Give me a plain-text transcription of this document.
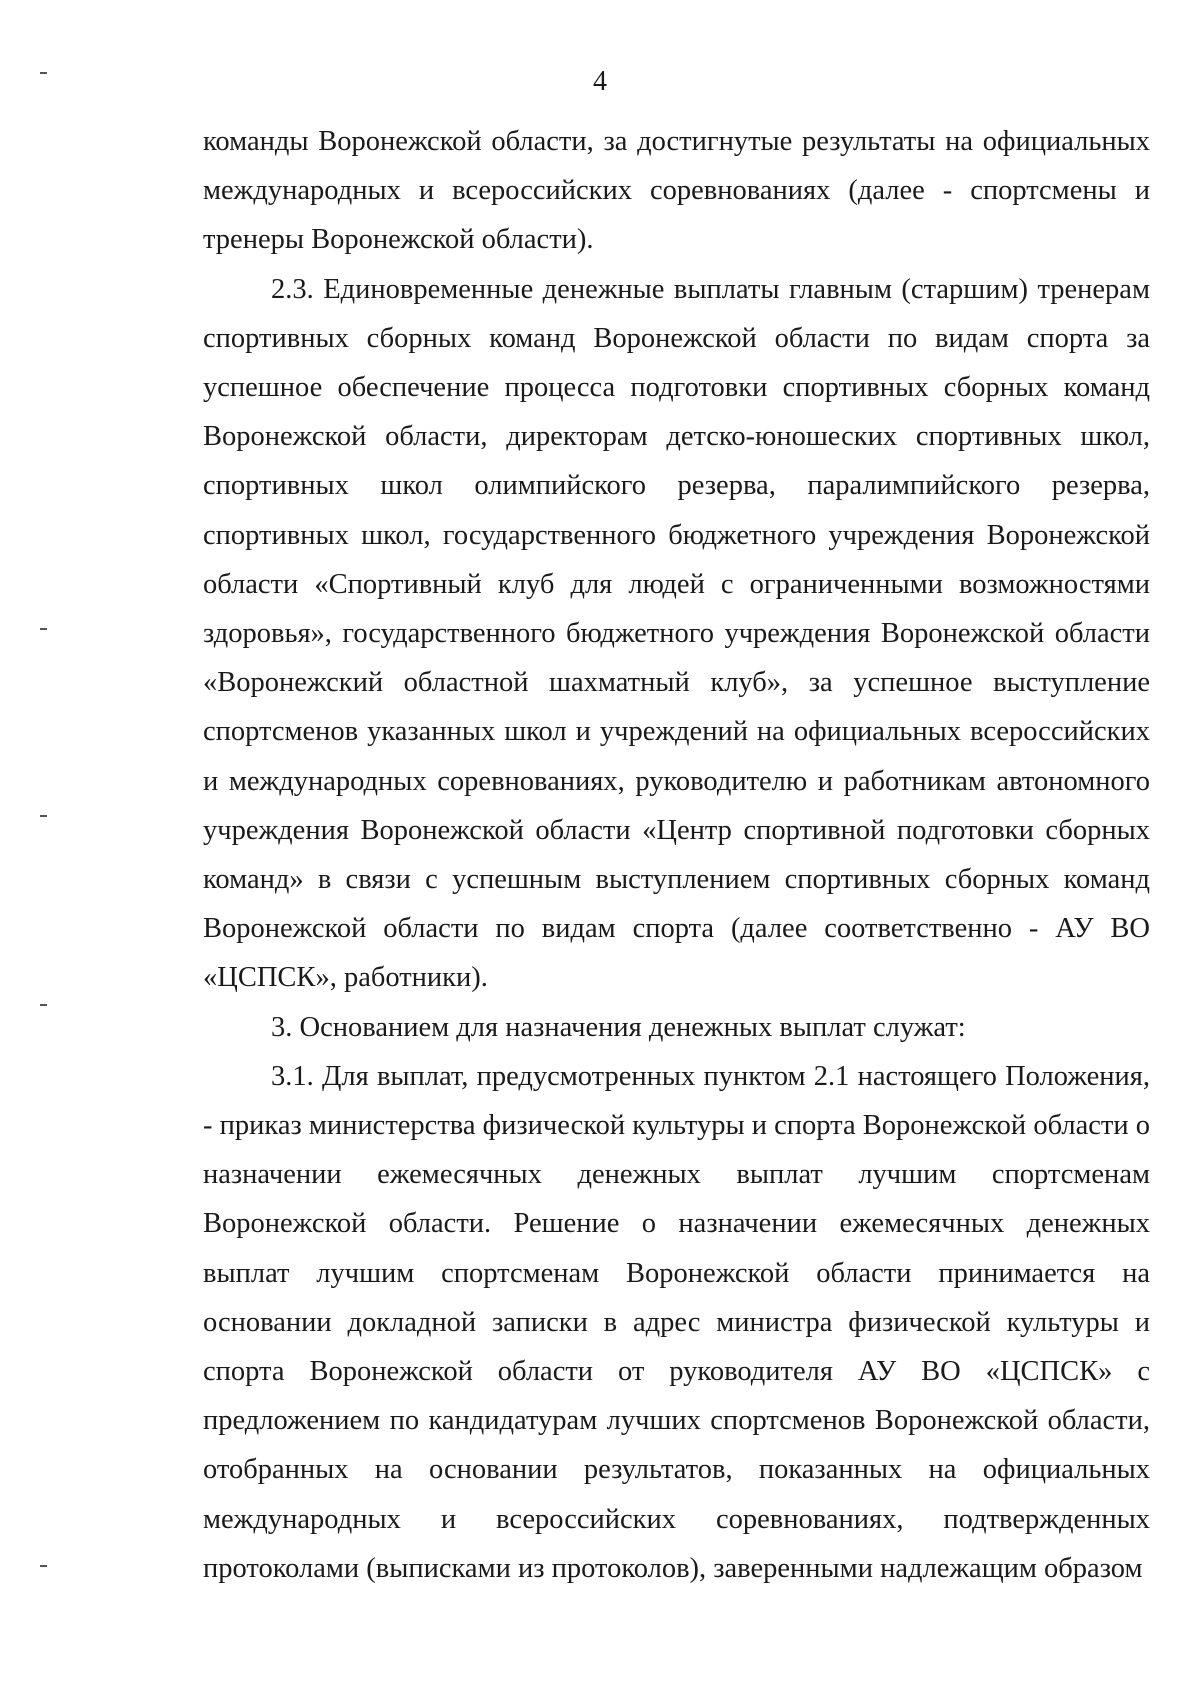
4

команды Воронежской области, за достигнутые результаты на официальных международных и всероссийских соревнованиях (далее - спортсмены и тренеры Воронежской области).

2.3. Единовременные денежные выплаты главным (старшим) тренерам спортивных сборных команд Воронежской области по видам спорта за успешное обеспечение процесса подготовки спортивных сборных команд Воронежской области, директорам детско-юношеских спортивных школ, спортивных школ олимпийского резерва, паралимпийского резерва, спортивных школ, государственного бюджетного учреждения Воронежской области «Спортивный клуб для людей с ограниченными возможностями здоровья», государственного бюджетного учреждения Воронежской области «Воронежский областной шахматный клуб», за успешное выступление спортсменов указанных школ и учреждений на официальных всероссийских и международных соревнованиях, руководителю и работникам автономного учреждения Воронежской области «Центр спортивной подготовки сборных команд» в связи с успешным выступлением спортивных сборных команд Воронежской области по видам спорта (далее соответственно - АУ ВО «ЦСПСК», работники).

3. Основанием для назначения денежных выплат служат:

3.1. Для выплат, предусмотренных пунктом 2.1 настоящего Положения, - приказ министерства физической культуры и спорта Воронежской области о назначении ежемесячных денежных выплат лучшим спортсменам Воронежской области. Решение о назначении ежемесячных денежных выплат лучшим спортсменам Воронежской области принимается на основании докладной записки в адрес министра физической культуры и спорта Воронежской области от руководителя АУ ВО «ЦСПСК» с предложением по кандидатурам лучших спортсменов Воронежской области, отобранных на основании результатов, показанных на официальных международных и всероссийских соревнованиях, подтвержденных протоколами (выписками из протоколов), заверенными надлежащим образом
